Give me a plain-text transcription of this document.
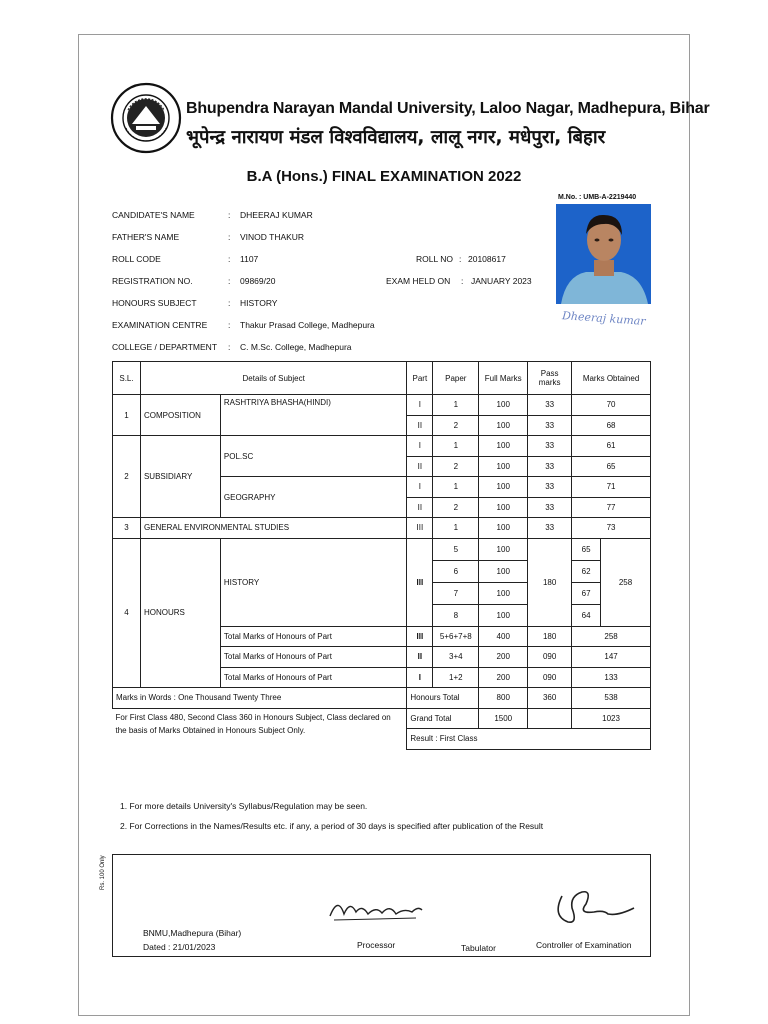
Bhupendra Narayan Mandal University, Laloo Nagar, Madhepura, Bihar
भूपेन्द्र नारायण मंडल विश्वविद्यालय, लालू नगर, मधेपुरा, बिहार
B.A (Hons.) FINAL EXAMINATION 2022
M.No. : UMB-A-2219440
Dheeraj kumar
CANDIDATE'S NAME	: DHEERAJ KUMAR
FATHER'S NAME	: VINOD THAKUR
ROLL CODE	: 1107	ROLL NO : 20108617
REGISTRATION NO.	: 09869/20	EXAM HELD ON : JANUARY 2023
HONOURS SUBJECT	: HISTORY
EXAMINATION CENTRE : Thakur Prasad College, Madhepura
COLLEGE / DEPARTMENT : C. M.Sc. College, Madhepura
S.L.	Details of Subject		Part	Paper	Full Marks	Pass marks	Marks Obtained	
1	COMPOSITION	RASHTRIYA BHASHA(HINDI)	I	1	100	33	70	
			II	2	100	33	68	
2	SUBSIDIARY	POL.SC	I	1	100	33	61	
			II	2	100	33	65	
		GEOGRAPHY	I	1	100	33	71	
			II	2	100	33	77	
3	GENERAL ENVIRONMENTAL STUDIES		III	1	100	33	73	
4	HONOURS	HISTORY	III	5	100	180	65	258
				6	100		62	
				7	100		67	
				8	100		64	
		Total Marks of Honours of Part	III	5+6+7+8	400	180	258	
		Total Marks of Honours of Part	II	3+4	200	090	147	
		Total Marks of Honours of Part	I	1+2	200	090	133	
Marks in Words : One Thousand Twenty Three			Honours Total		800	360	538	
For First Class 480, Second Class 360 in Honours Subject, Class declared on the basis of Marks Obtained in Honours Subject Only.			Grand Total		1500		1023	
			Result : First Class					
1. For more details University's Syllabus/Regulation may be seen.
2. For Corrections in the Names/Results etc. if any, a period of 30 days is specified after publication of the Result
Rs. 100 Only
BNMU,Madhepura (Bihar)
Dated : 21/01/2023	Processor	Tabulator	Controller of Examination
